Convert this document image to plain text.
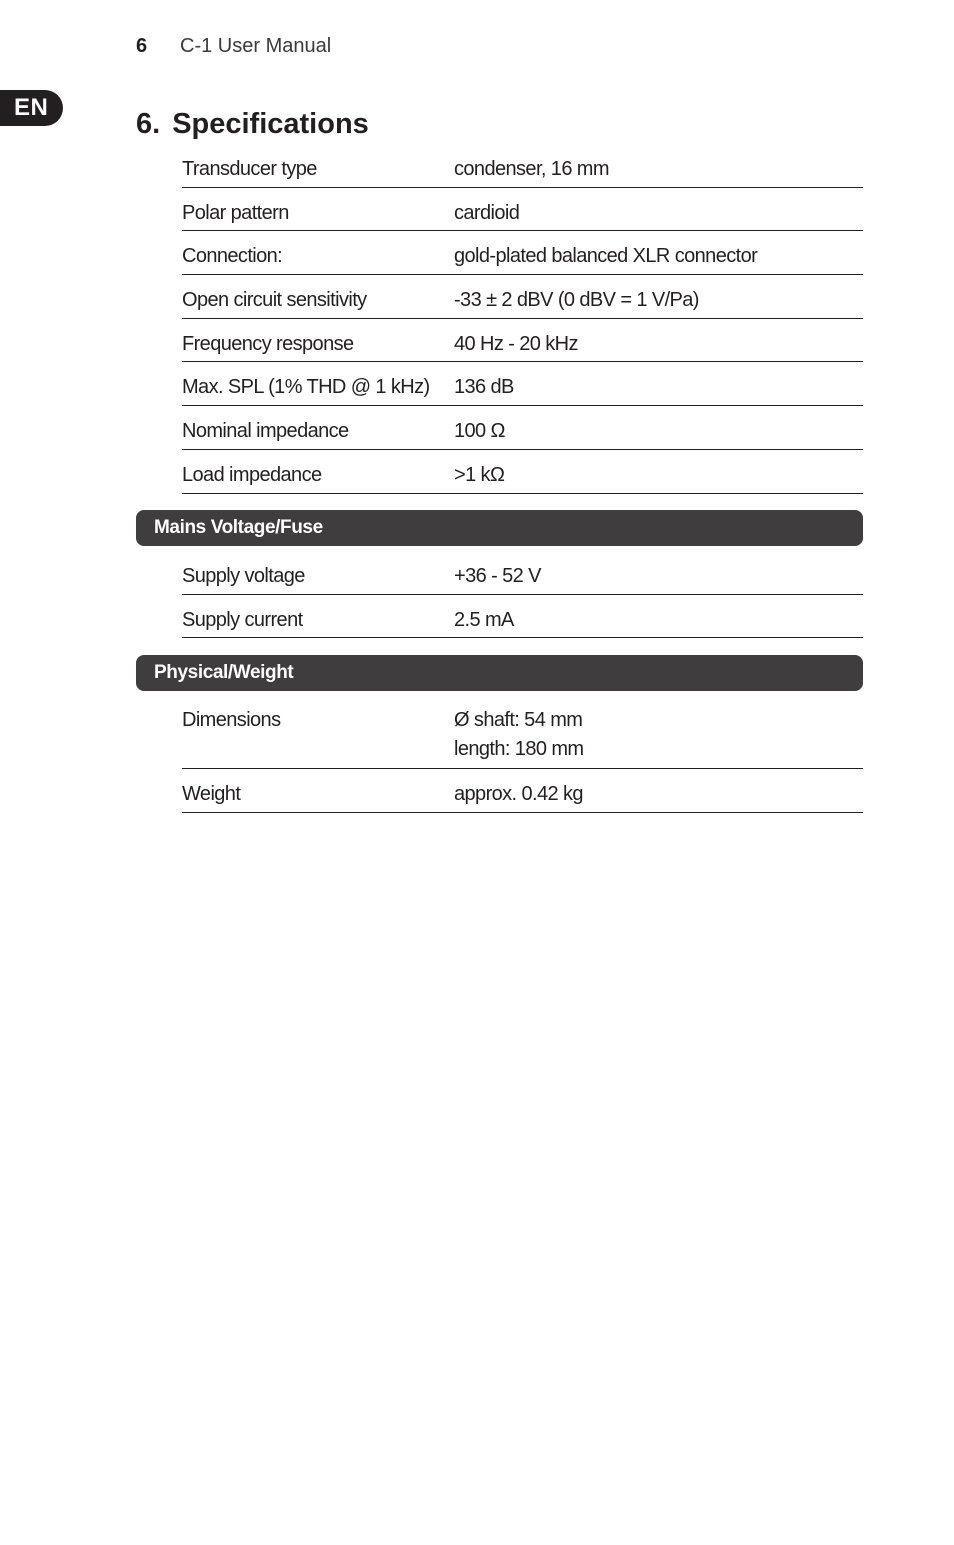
6	C-1 User Manual
EN	6. Specifications
Transducer type	condenser, 16 mm
Polar pattern	cardioid
Connection:	gold-plated balanced XLR connector
Open circuit sensitivity	-33 ± 2 dBV (0 dBV = 1 V/Pa)
Frequency response	40 Hz - 20 kHz
Max. SPL (1% THD @ 1 kHz)	136 dB
Nominal impedance	100 Ω
Load impedance	>1 kΩ
Mains Voltage/Fuse
Supply voltage	+36 - 52 V
Supply current	2.5 mA
Physical/Weight
Dimensions	Ø shaft: 54 mm
length: 180 mm
Weight	approx. 0.42 kg
